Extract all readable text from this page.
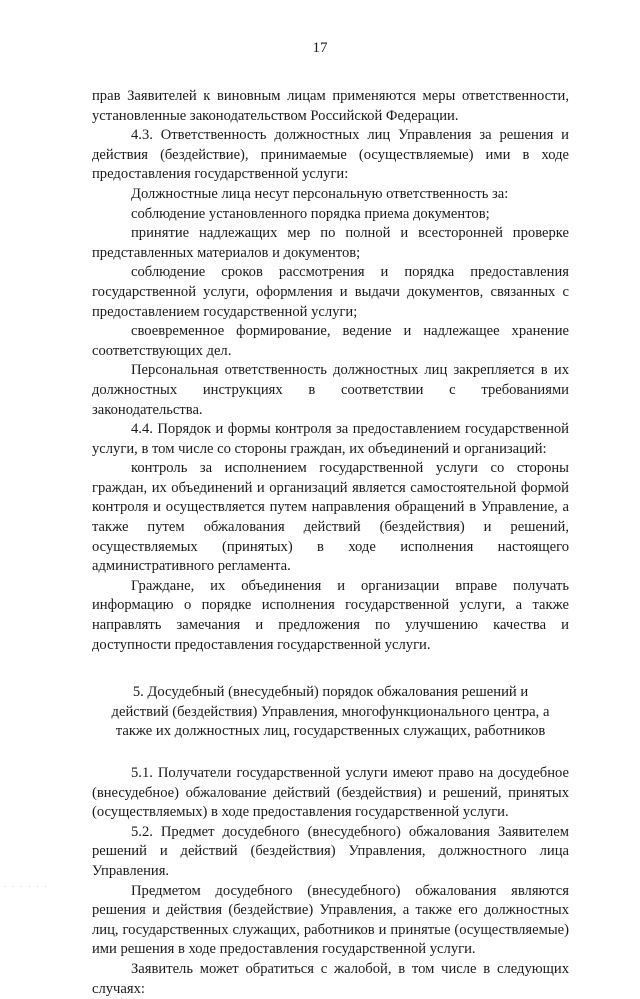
17

прав Заявителей к виновным лицам применяются меры ответственности, установленные законодательством Российской Федерации.

4.3. Ответственность должностных лиц Управления за решения и действия (бездействие), принимаемые (осуществляемые) ими в ходе предоставления государственной услуги:

Должностные лица несут персональную ответственность за:

соблюдение установленного порядка приема документов;

принятие надлежащих мер по полной и всесторонней проверке представленных материалов и документов;

соблюдение сроков рассмотрения и порядка предоставления государственной услуги, оформления и выдачи документов, связанных с предоставлением государственной услуги;

своевременное формирование, ведение и надлежащее хранение соответствующих дел.

Персональная ответственность должностных лиц закрепляется в их должностных инструкциях в соответствии с требованиями законодательства.

4.4. Порядок и формы контроля за предоставлением государственной услуги, в том числе со стороны граждан, их объединений и организаций:

контроль за исполнением государственной услуги со стороны граждан, их объединений и организаций является самостоятельной формой контроля и осуществляется путем направления обращений в Управление, а также путем обжалования действий (бездействия) и решений, осуществляемых (принятых) в ходе исполнения настоящего административного регламента.

Граждане, их объединения и организации вправе получать информацию о порядке исполнения государственной услуги, а также направлять замечания и предложения по улучшению качества и доступности предоставления государственной услуги.

5. Досудебный (внесудебный) порядок обжалования решений и действий (бездействия) Управления, многофункционального центра, а также их должностных лиц, государственных служащих, работников

5.1. Получатели государственной услуги имеют право на досудебное (внесудебное) обжалование действий (бездействия) и решений, принятых (осуществляемых) в ходе предоставления государственной услуги.

5.2. Предмет досудебного (внесудебного) обжалования Заявителем решений и действий (бездействия) Управления, должностного лица Управления.

Предметом досудебного (внесудебного) обжалования являются решения и действия (бездействие) Управления, а также его должностных лиц, государственных служащих, работников и принятые (осуществляемые) ими решения в ходе предоставления государственной услуги.

Заявитель может обратиться с жалобой, в том числе в следующих случаях:

· · · · · ·
